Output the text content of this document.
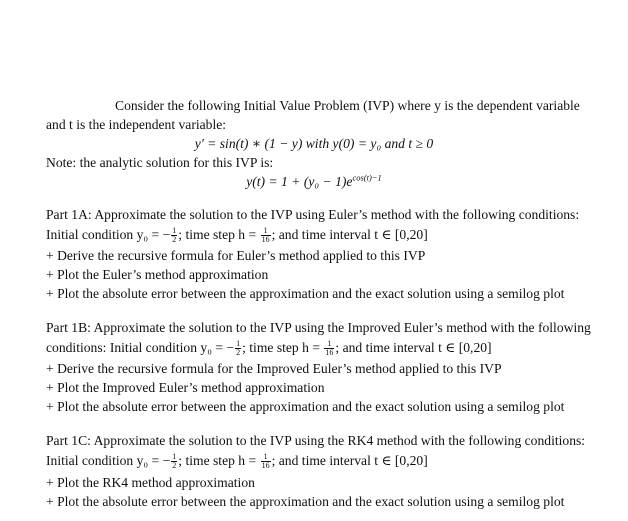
Consider the following Initial Value Problem (IVP) where y is the dependent variable
and t is the independent variable:
y′ = sin(t) ∗ (1 − y) with y(0) = y₀ and t ≥ 0
Note: the analytic solution for this IVP is:
$y(t) = 1 + (y_0 - 1)e^{cos(t)-1}$
Part 1A: Approximate the solution to the IVP using Euler’s method with the following conditions:
Initial condition y₀ = − $\frac{1}{2}$ ; time step $h = \frac{1}{16}$ ; and time interval t ∈ [0,20]
+ Derive the recursive formula for Euler’s method applied to this IVP
+ Plot the Euler’s method approximation
+ Plot the absolute error between the approximation and the exact solution using a semilog plot
Part 1B: Approximate the solution to the IVP using the Improved Euler’s method with the following
conditions: Initial condition y₀ = − $\frac{1}{2}$ ; time step $h = \frac{1}{16}$ ; and time interval t ∈ [0,20]
+ Derive the recursive formula for the Improved Euler’s method applied to this IVP
+ Plot the Improved Euler’s method approximation
+ Plot the absolute error between the approximation and the exact solution using a semilog plot
Part 1C: Approximate the solution to the IVP using the RK4 method with the following conditions:
Initial condition y₀ = − $\frac{1}{2}$ ; time step $h = \frac{1}{16}$ ; and time interval t ∈ [0,20]
+ Plot the RK4 method approximation
+ Plot the absolute error between the approximation and the exact solution using a semilog plot
